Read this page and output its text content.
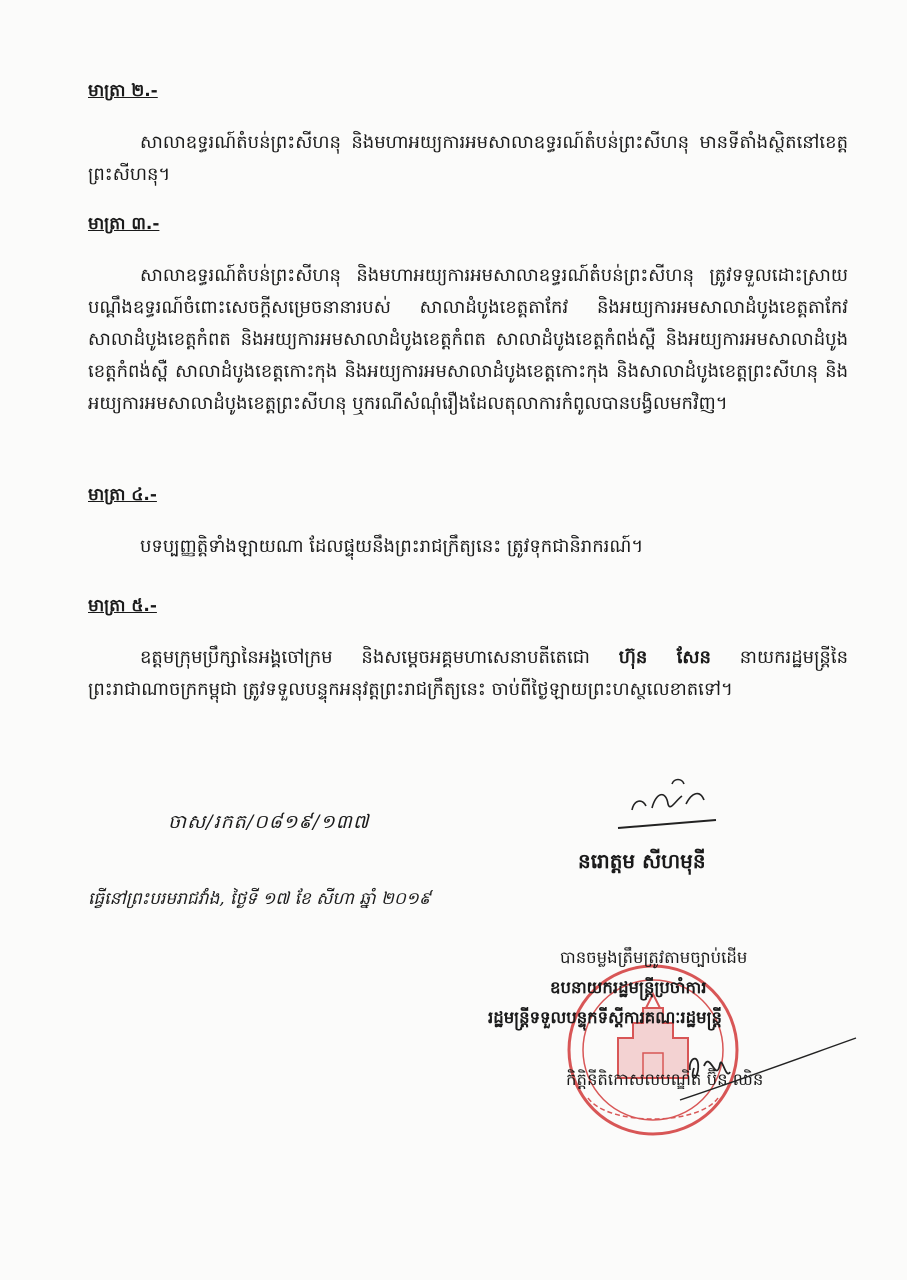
មាត្រា ២.-

សាលាឧទ្ធរណ៍តំបន់ព្រះសីហនុ និងមហាអយ្យការអមសាលាឧទ្ធរណ៍តំបន់ព្រះសីហនុ មានទីតាំងស្ថិតនៅខេត្តព្រះសីហនុ។

មាត្រា ៣.-

សាលាឧទ្ធរណ៍តំបន់ព្រះសីហនុ និងមហាអយ្យការអមសាលាឧទ្ធរណ៍តំបន់ព្រះសីហនុ ត្រូវទទួលដោះស្រាយបណ្ដឹងឧទ្ធរណ៍ចំពោះសេចក្ដីសម្រេចនានារបស់ សាលាដំបូងខេត្តតាកែវ និងអយ្យការអមសាលាដំបូងខេត្តតាកែវ សាលាដំបូងខេត្តកំពត និងអយ្យការអមសាលាដំបូងខេត្តកំពត សាលាដំបូងខេត្តកំពង់ស្ពឺ និងអយ្យការអមសាលាដំបូងខេត្តកំពង់ស្ពឺ សាលាដំបូងខេត្តកោះកុង និងអយ្យការអមសាលាដំបូងខេត្តកោះកុង និងសាលាដំបូងខេត្តព្រះសីហនុ និងអយ្យការអមសាលាដំបូងខេត្តព្រះសីហនុ ឬករណីសំណុំរឿងដែលតុលាការកំពូលបានបង្វិលមកវិញ។

មាត្រា ៤.-

បទប្បញ្ញត្តិទាំងឡាយណា ដែលផ្ទុយនឹងព្រះរាជក្រឹត្យនេះ ត្រូវទុកជានិរាករណ៍។

មាត្រា ៥.-

ឧត្ដមក្រុមប្រឹក្សានៃអង្គចៅក្រម និងសម្ដេចអគ្គមហាសេនាបតីតេជោ ហ៊ុន សែន នាយករដ្ឋមន្ត្រីនៃព្រះរាជាណាចក្រកម្ពុជា ត្រូវទទួលបន្ទុកអនុវត្តព្រះរាជក្រឹត្យនេះ ចាប់ពីថ្ងៃឡាយព្រះហស្ថលេខាតទៅ។

នរោត្ដមសីហមុនី
ចាស/រកត/០៨១៩/១៣៧
នរោត្តម សីហមុនី
ធ្វើនៅព្រះបរមរាជវាំង, ថ្ងៃទី ១៧ ខែ សីហា ឆ្នាំ ២០១៩
បានចម្លងត្រឹមត្រូវតាមច្បាប់ដើម
ឧបនាយករដ្ឋមន្ត្រីប្រចាំការ
រដ្ឋមន្ត្រីទទួលបន្ទុកទីស្ដីការគណៈរដ្ឋមន្ត្រី
កិត្តិនីតិកោសលបណ្ឌិត ប៊ិន ឈិន
